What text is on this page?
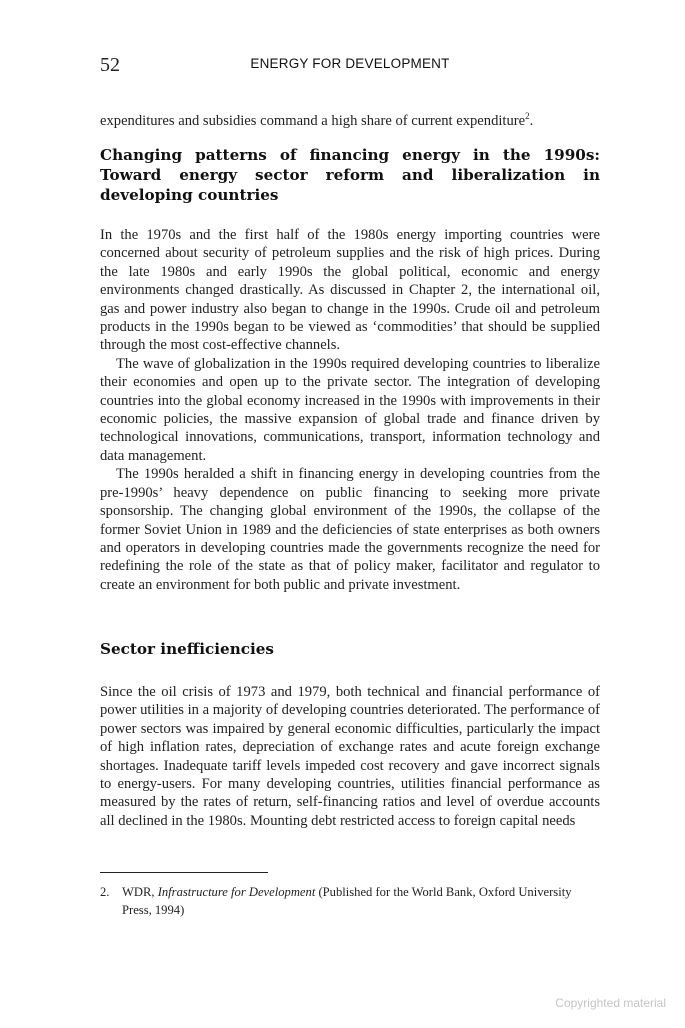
52	ENERGY FOR DEVELOPMENT

expenditures and subsidies command a high share of current expenditure$^2$.

Changing patterns of financing energy in the 1990s: Toward energy sector reform and liberalization in developing countries

In the 1970s and the first half of the 1980s energy importing countries were concerned about security of petroleum supplies and the risk of high prices. During the late 1980s and early 1990s the global political, economic and energy environments changed drastically. As discussed in Chapter 2, the international oil, gas and power industry also began to change in the 1990s. Crude oil and petroleum products in the 1990s began to be viewed as ‘commodities’ that should be supplied through the most cost-effective channels.

The wave of globalization in the 1990s required developing countries to liberalize their economies and open up to the private sector. The integration of developing countries into the global economy increased in the 1990s with improvements in their economic policies, the massive expansion of global trade and finance driven by technological innovations, communications, transport, information technology and data management.

The 1990s heralded a shift in financing energy in developing countries from the pre-1990s’ heavy dependence on public financing to seeking more private sponsorship. The changing global environment of the 1990s, the collapse of the former Soviet Union in 1989 and the deficiencies of state enterprises as both owners and operators in developing countries made the governments recognize the need for redefining the role of the state as that of policy maker, facilitator and regulator to create an environment for both public and private investment.

Sector inefficiencies

Since the oil crisis of 1973 and 1979, both technical and financial performance of power utilities in a majority of developing countries deteriorated. The performance of power sectors was impaired by general economic difficulties, particularly the impact of high inflation rates, depreciation of exchange rates and acute foreign exchange shortages. Inadequate tariff levels impeded cost recovery and gave incorrect signals to energy-users. For many developing countries, utilities financial performance as measured by the rates of return, self-financing ratios and level of overdue accounts all declined in the 1980s. Mounting debt restricted access to foreign capital needs

2. WDR, Infrastructure for Development (Published for the World Bank, Oxford University
Press, 1994)
Copyrighted material
